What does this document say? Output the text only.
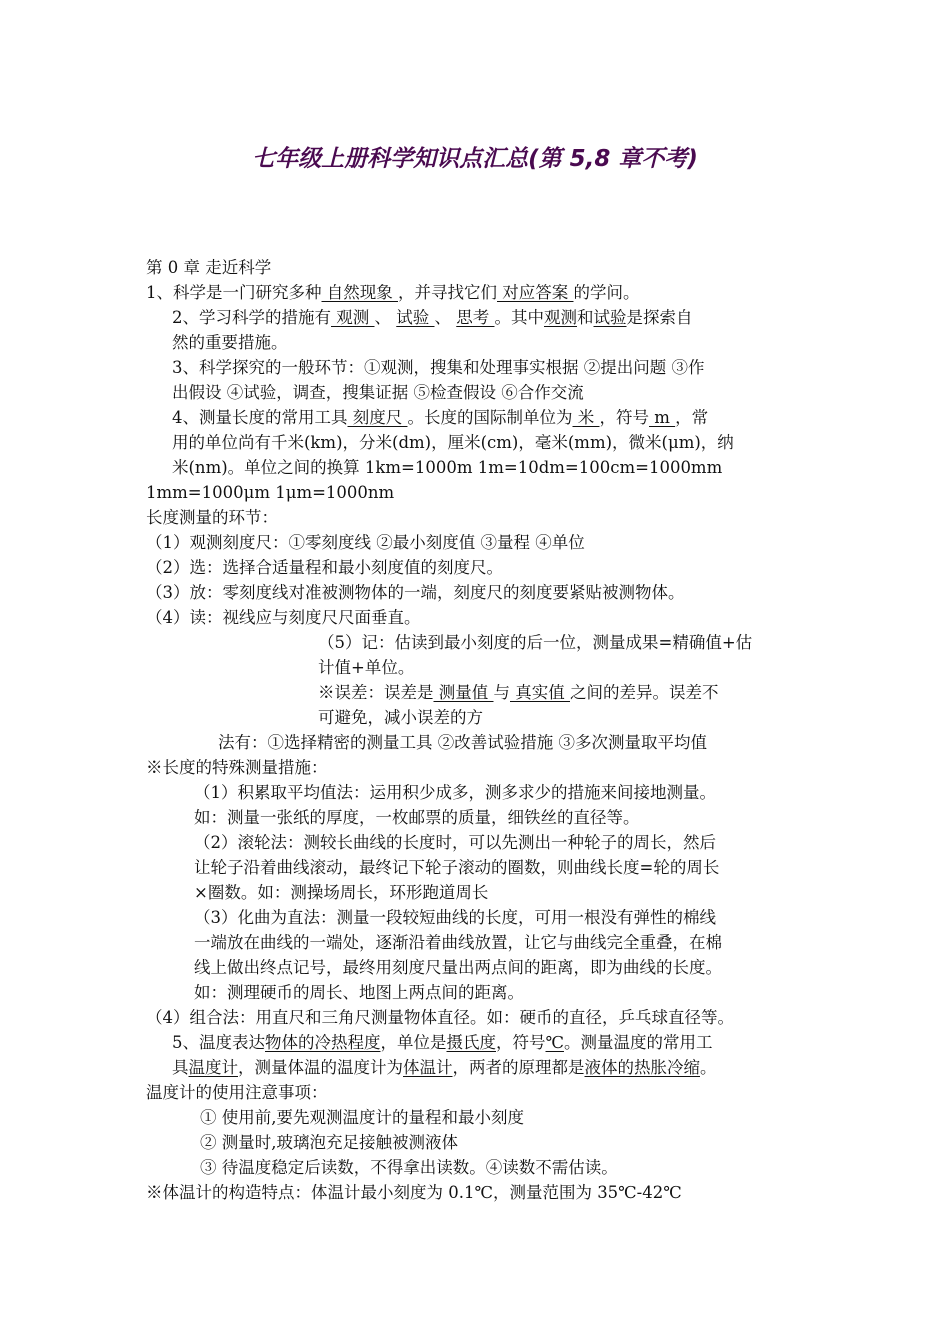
七年级上册科学知识点汇总(第 5,8 章不考)
第 0 章 走近科学
1、科学是一门研究多种 自然现象 ，并寻找它们 对应答案 的学问。
2、学习科学的措施有 观测 、 试验 、 思考 。其中观测和试验是探索自
然的重要措施。
3、科学探究的一般环节：①观测，搜集和处理事实根据 ②提出问题 ③作
出假设 ④试验，调查，搜集证据 ⑤检查假设 ⑥合作交流
4、测量长度的常用工具 刻度尺 。长度的国际制单位为 米 ，符号 m ，常
用的单位尚有千米(km)，分米(dm)，厘米(cm)，毫米(mm)，微米(μm)，纳
米(nm)。单位之间的换算 1km=1000m 1m=10dm=100cm=1000mm
1mm=1000μm 1μm=1000nm
长度测量的环节：
（1）观测刻度尺：①零刻度线 ②最小刻度值 ③量程 ④单位
（2）选：选择合适量程和最小刻度值的刻度尺。
（3）放：零刻度线对准被测物体的一端，刻度尺的刻度要紧贴被测物体。
（4）读：视线应与刻度尺尺面垂直。
（5）记：估读到最小刻度的后一位，测量成果=精确值+估
计值+单位。
※误差：误差是 测量值 与 真实值 之间的差异。误差不
可避免，减小误差的方
法有：①选择精密的测量工具 ②改善试验措施 ③多次测量取平均值
※长度的特殊测量措施：
（1）积累取平均值法：运用积少成多，测多求少的措施来间接地测量。
如：测量一张纸的厚度，一枚邮票的质量，细铁丝的直径等。
（2）滚轮法：测较长曲线的长度时，可以先测出一种轮子的周长，然后
让轮子沿着曲线滚动，最终记下轮子滚动的圈数，则曲线长度=轮的周长
×圈数。如：测操场周长，环形跑道周长
（3）化曲为直法：测量一段较短曲线的长度，可用一根没有弹性的棉线
一端放在曲线的一端处，逐渐沿着曲线放置，让它与曲线完全重叠，在棉
线上做出终点记号，最终用刻度尺量出两点间的距离，即为曲线的长度。
如：测理硬币的周长、地图上两点间的距离。
（4）组合法：用直尺和三角尺测量物体直径。如：硬币的直径，乒乓球直径等。
5、温度表达物体的冷热程度，单位是摄氏度，符号℃。测量温度的常用工
具温度计，测量体温的温度计为体温计，两者的原理都是液体的热胀冷缩。
温度计的使用注意事项：
① 使用前,要先观测温度计的量程和最小刻度
② 测量时,玻璃泡充足接触被测液体
③ 待温度稳定后读数，不得拿出读数。④读数不需估读。
※体温计的构造特点：体温计最小刻度为 0.1℃，测量范围为 35℃-42℃
